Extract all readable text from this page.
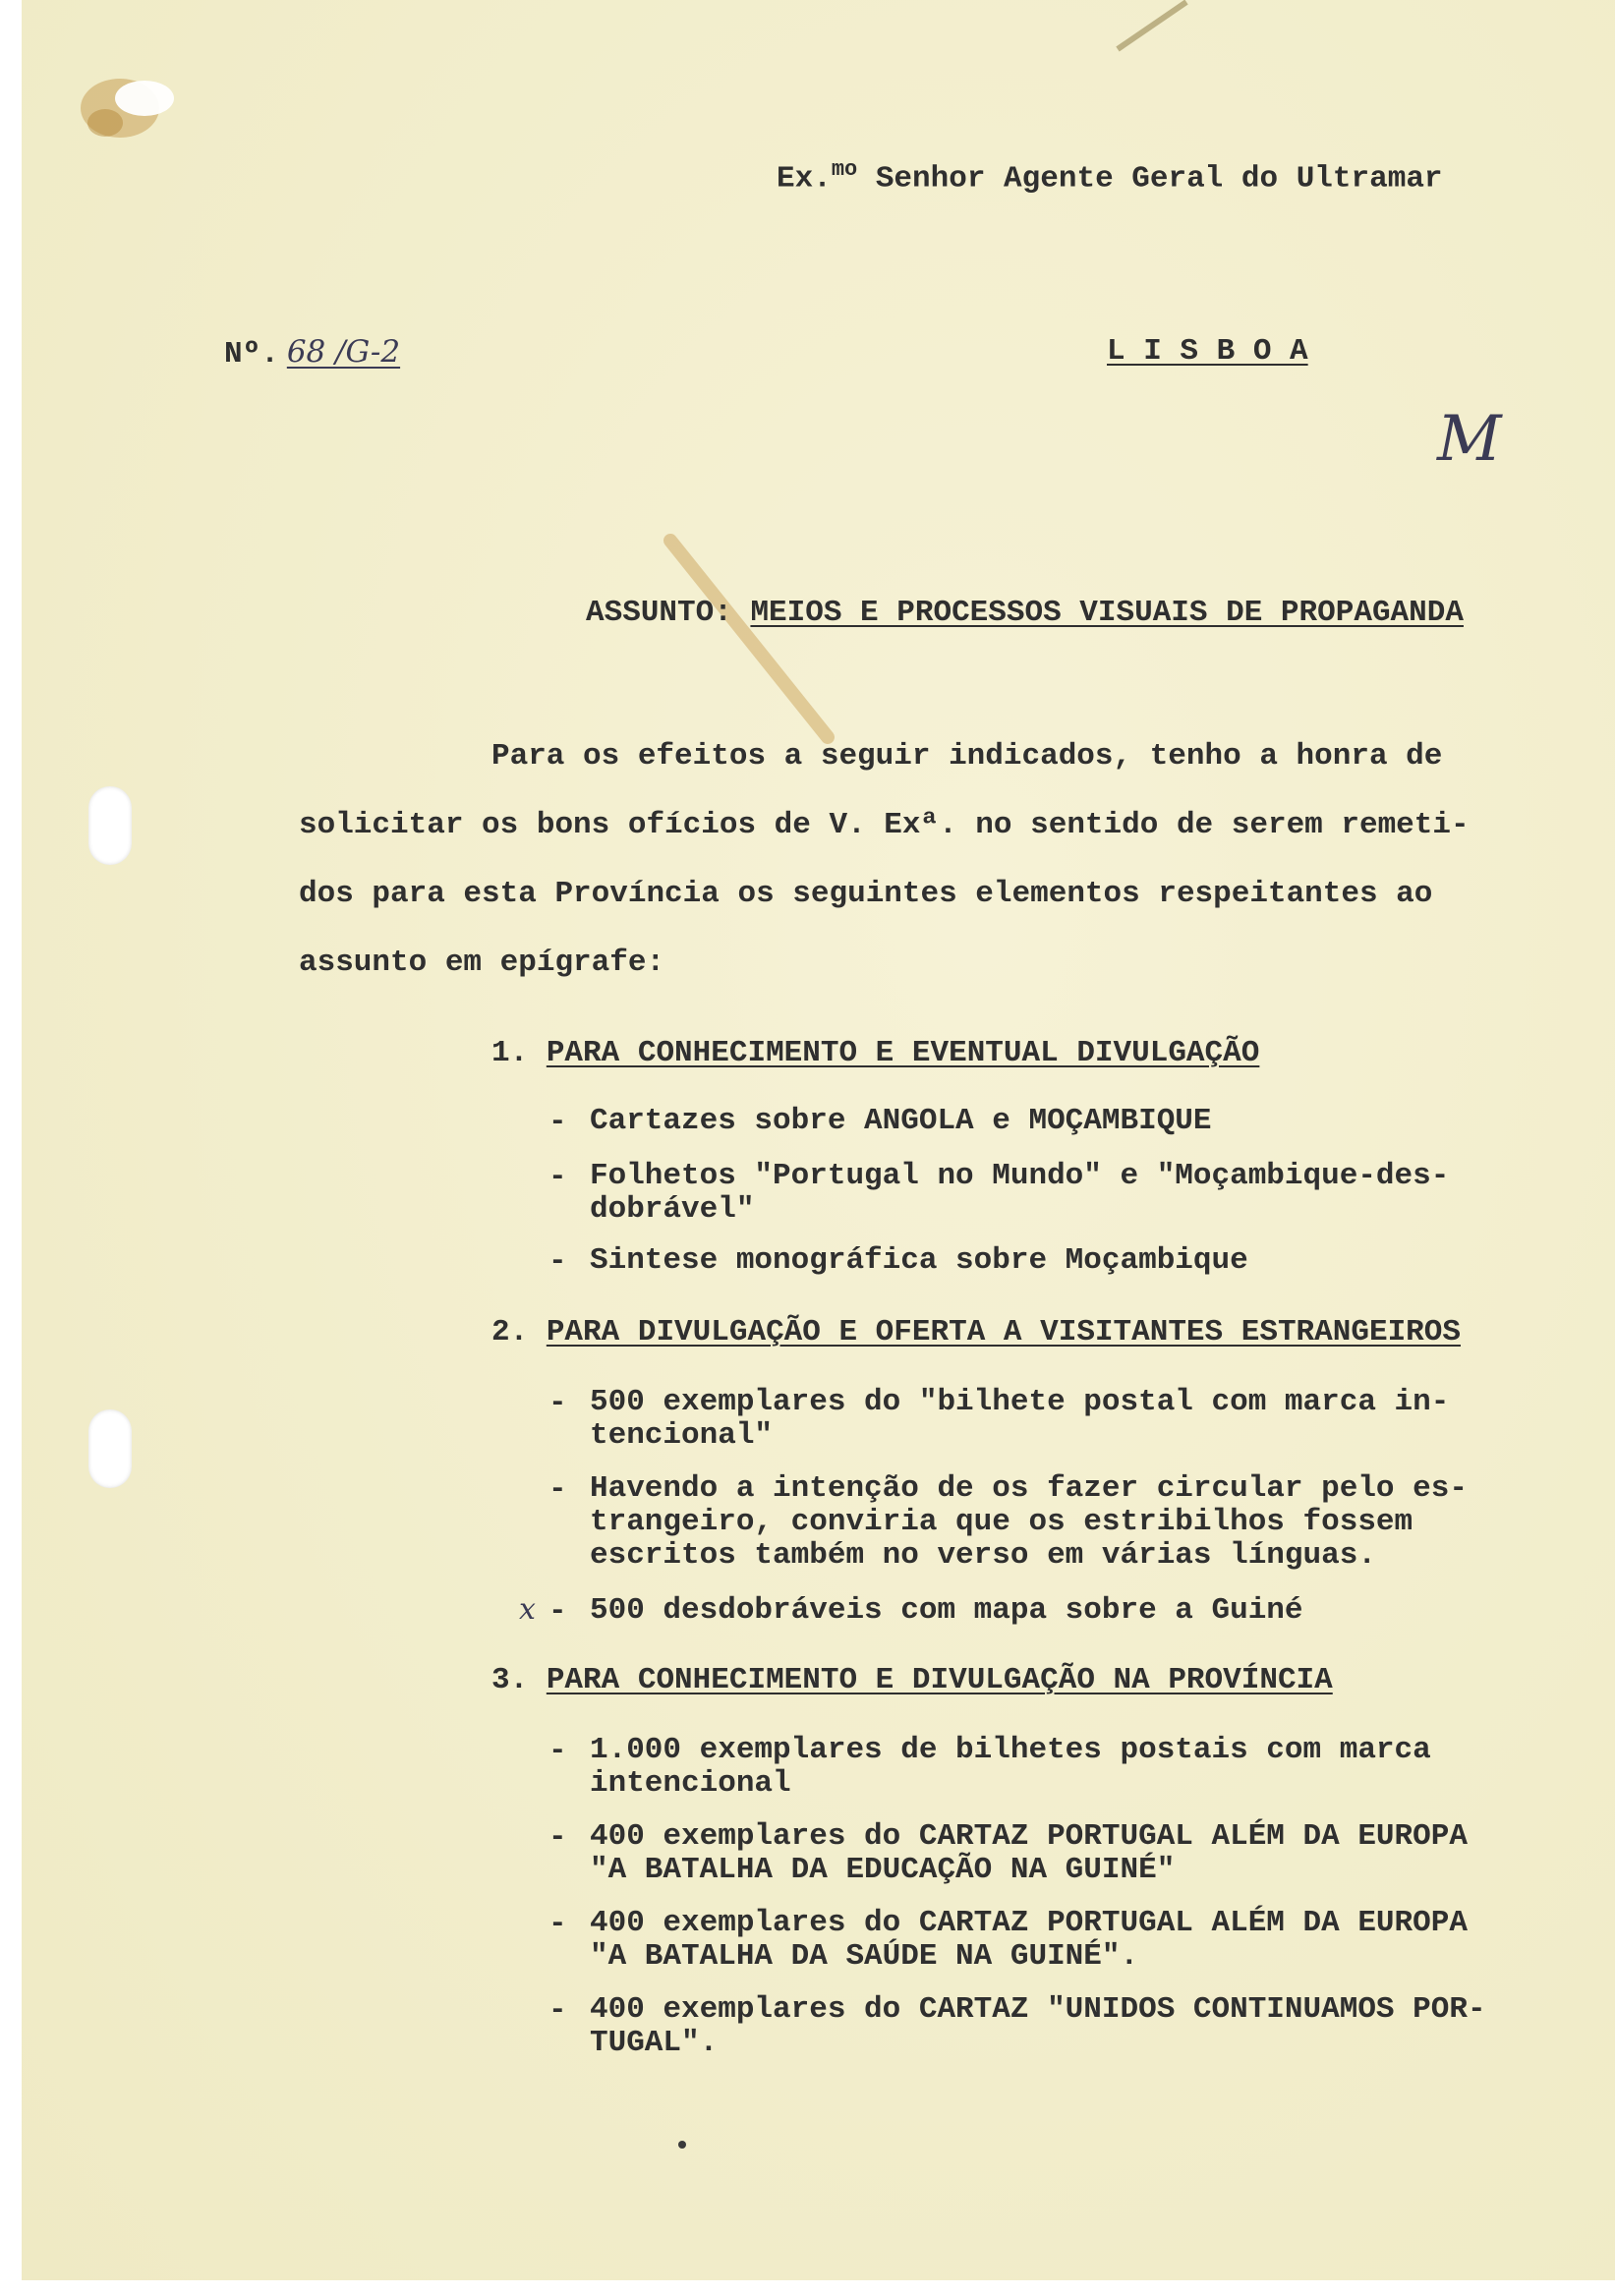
Ex.$^{mo}$ Senhor Agente Geral do Ultramar
Nº. 68 /G-2	L I S B O A
M
ASSUNTO: MEIOS E PROCESSOS VISUAIS DE PROPAGANDA
Para os efeitos a seguir indicados, tenho a honra de
solicitar os bons ofícios de V. Exª. no sentido de serem remeti-
dos para esta Província os seguintes elementos respeitantes ao
assunto em epígrafe:
1. PARA CONHECIMENTO E EVENTUAL DIVULGAÇÃO
- Cartazes sobre ANGOLA e MOÇAMBIQUE
- Folhetos "Portugal no Mundo" e "Moçambique-des-
dobrável"
- Sintese monográfica sobre Moçambique
2. PARA DIVULGAÇÃO E OFERTA A VISITANTES ESTRANGEIROS
- 500 exemplares do "bilhete postal com marca in-
tencional"
- Havendo a intenção de os fazer circular pelo es-
trangeiro, conviria que os estribilhos fossem
escritos também no verso em várias línguas.
x - 500 desdobráveis com mapa sobre a Guiné
3. PARA CONHECIMENTO E DIVULGAÇÃO NA PROVÍNCIA
- 1.000 exemplares de bilhetes postais com marca
intencional
- 400 exemplares do CARTAZ PORTUGAL ALÉM DA EUROPA
"A BATALHA DA EDUCAÇÃO NA GUINÉ"
- 400 exemplares do CARTAZ PORTUGAL ALÉM DA EUROPA
"A BATALHA DA SAÚDE NA GUINÉ".
- 400 exemplares do CARTAZ "UNIDOS CONTINUAMOS POR-
TUGAL".
